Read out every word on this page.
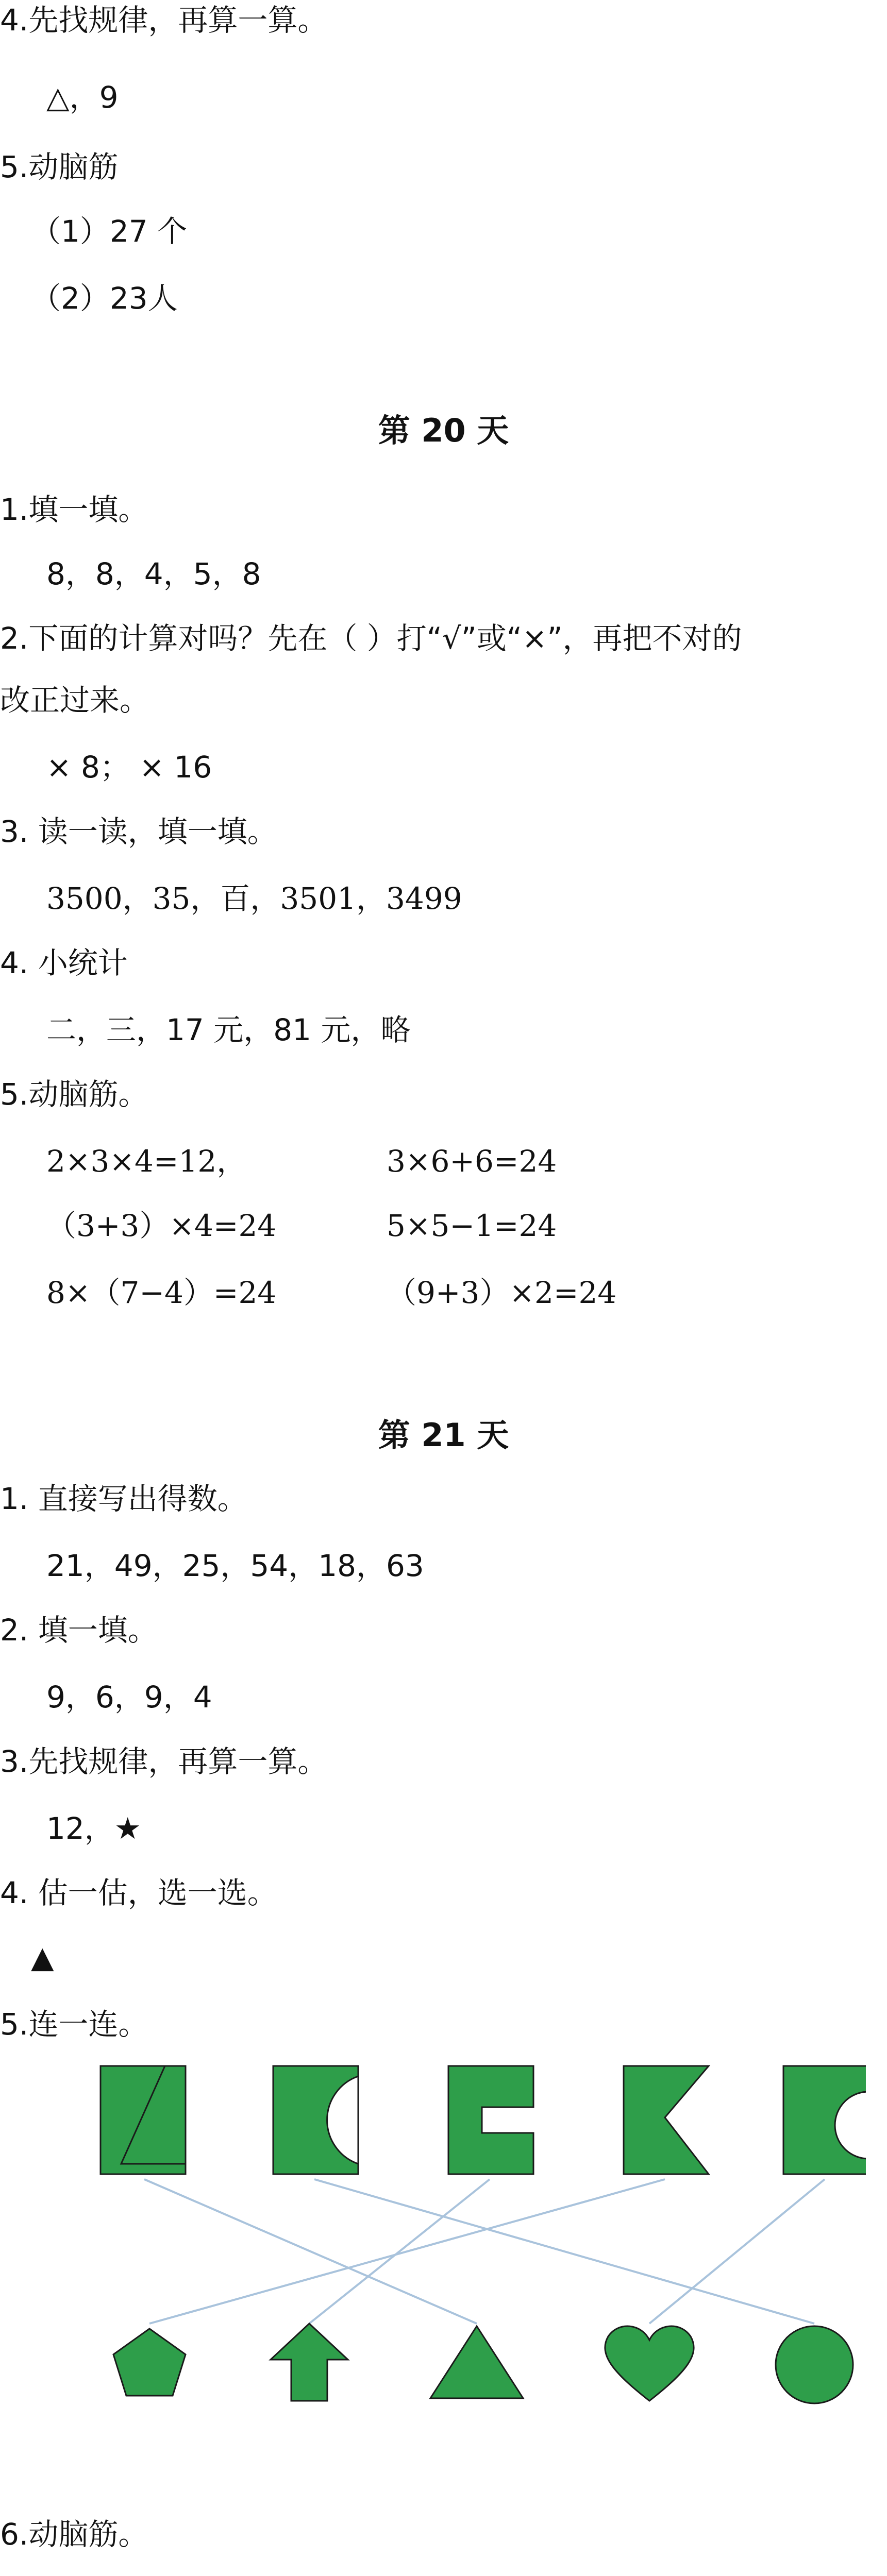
4.先找规律，再算一算。
△，9
5.动脑筋
（1）27 个
（2）23人
第 20 天
1.填一填。
8，8，4，5，8
2.下面的计算对吗？先在（ ）打“√”或“×”，再把不对的
改正过来。
× 8； × 16
3. 读一读，填一填。
3500，35，百，3501，3499
4. 小统计
二，三，17 元，81 元，略
5.动脑筋。
2×3×4=12，	3×6+6=24
（3+3）×4=24	5×5−1=24
8×（7−4）=24	（9+3）×2=24
第 21 天
1. 直接写出得数。
21，49，25，54，18，63
2. 填一填。
9，6，9，4
3.先找规律，再算一算。
12，★
4. 估一估，选一选。
▲
5.连一连。
6.动脑筋。
